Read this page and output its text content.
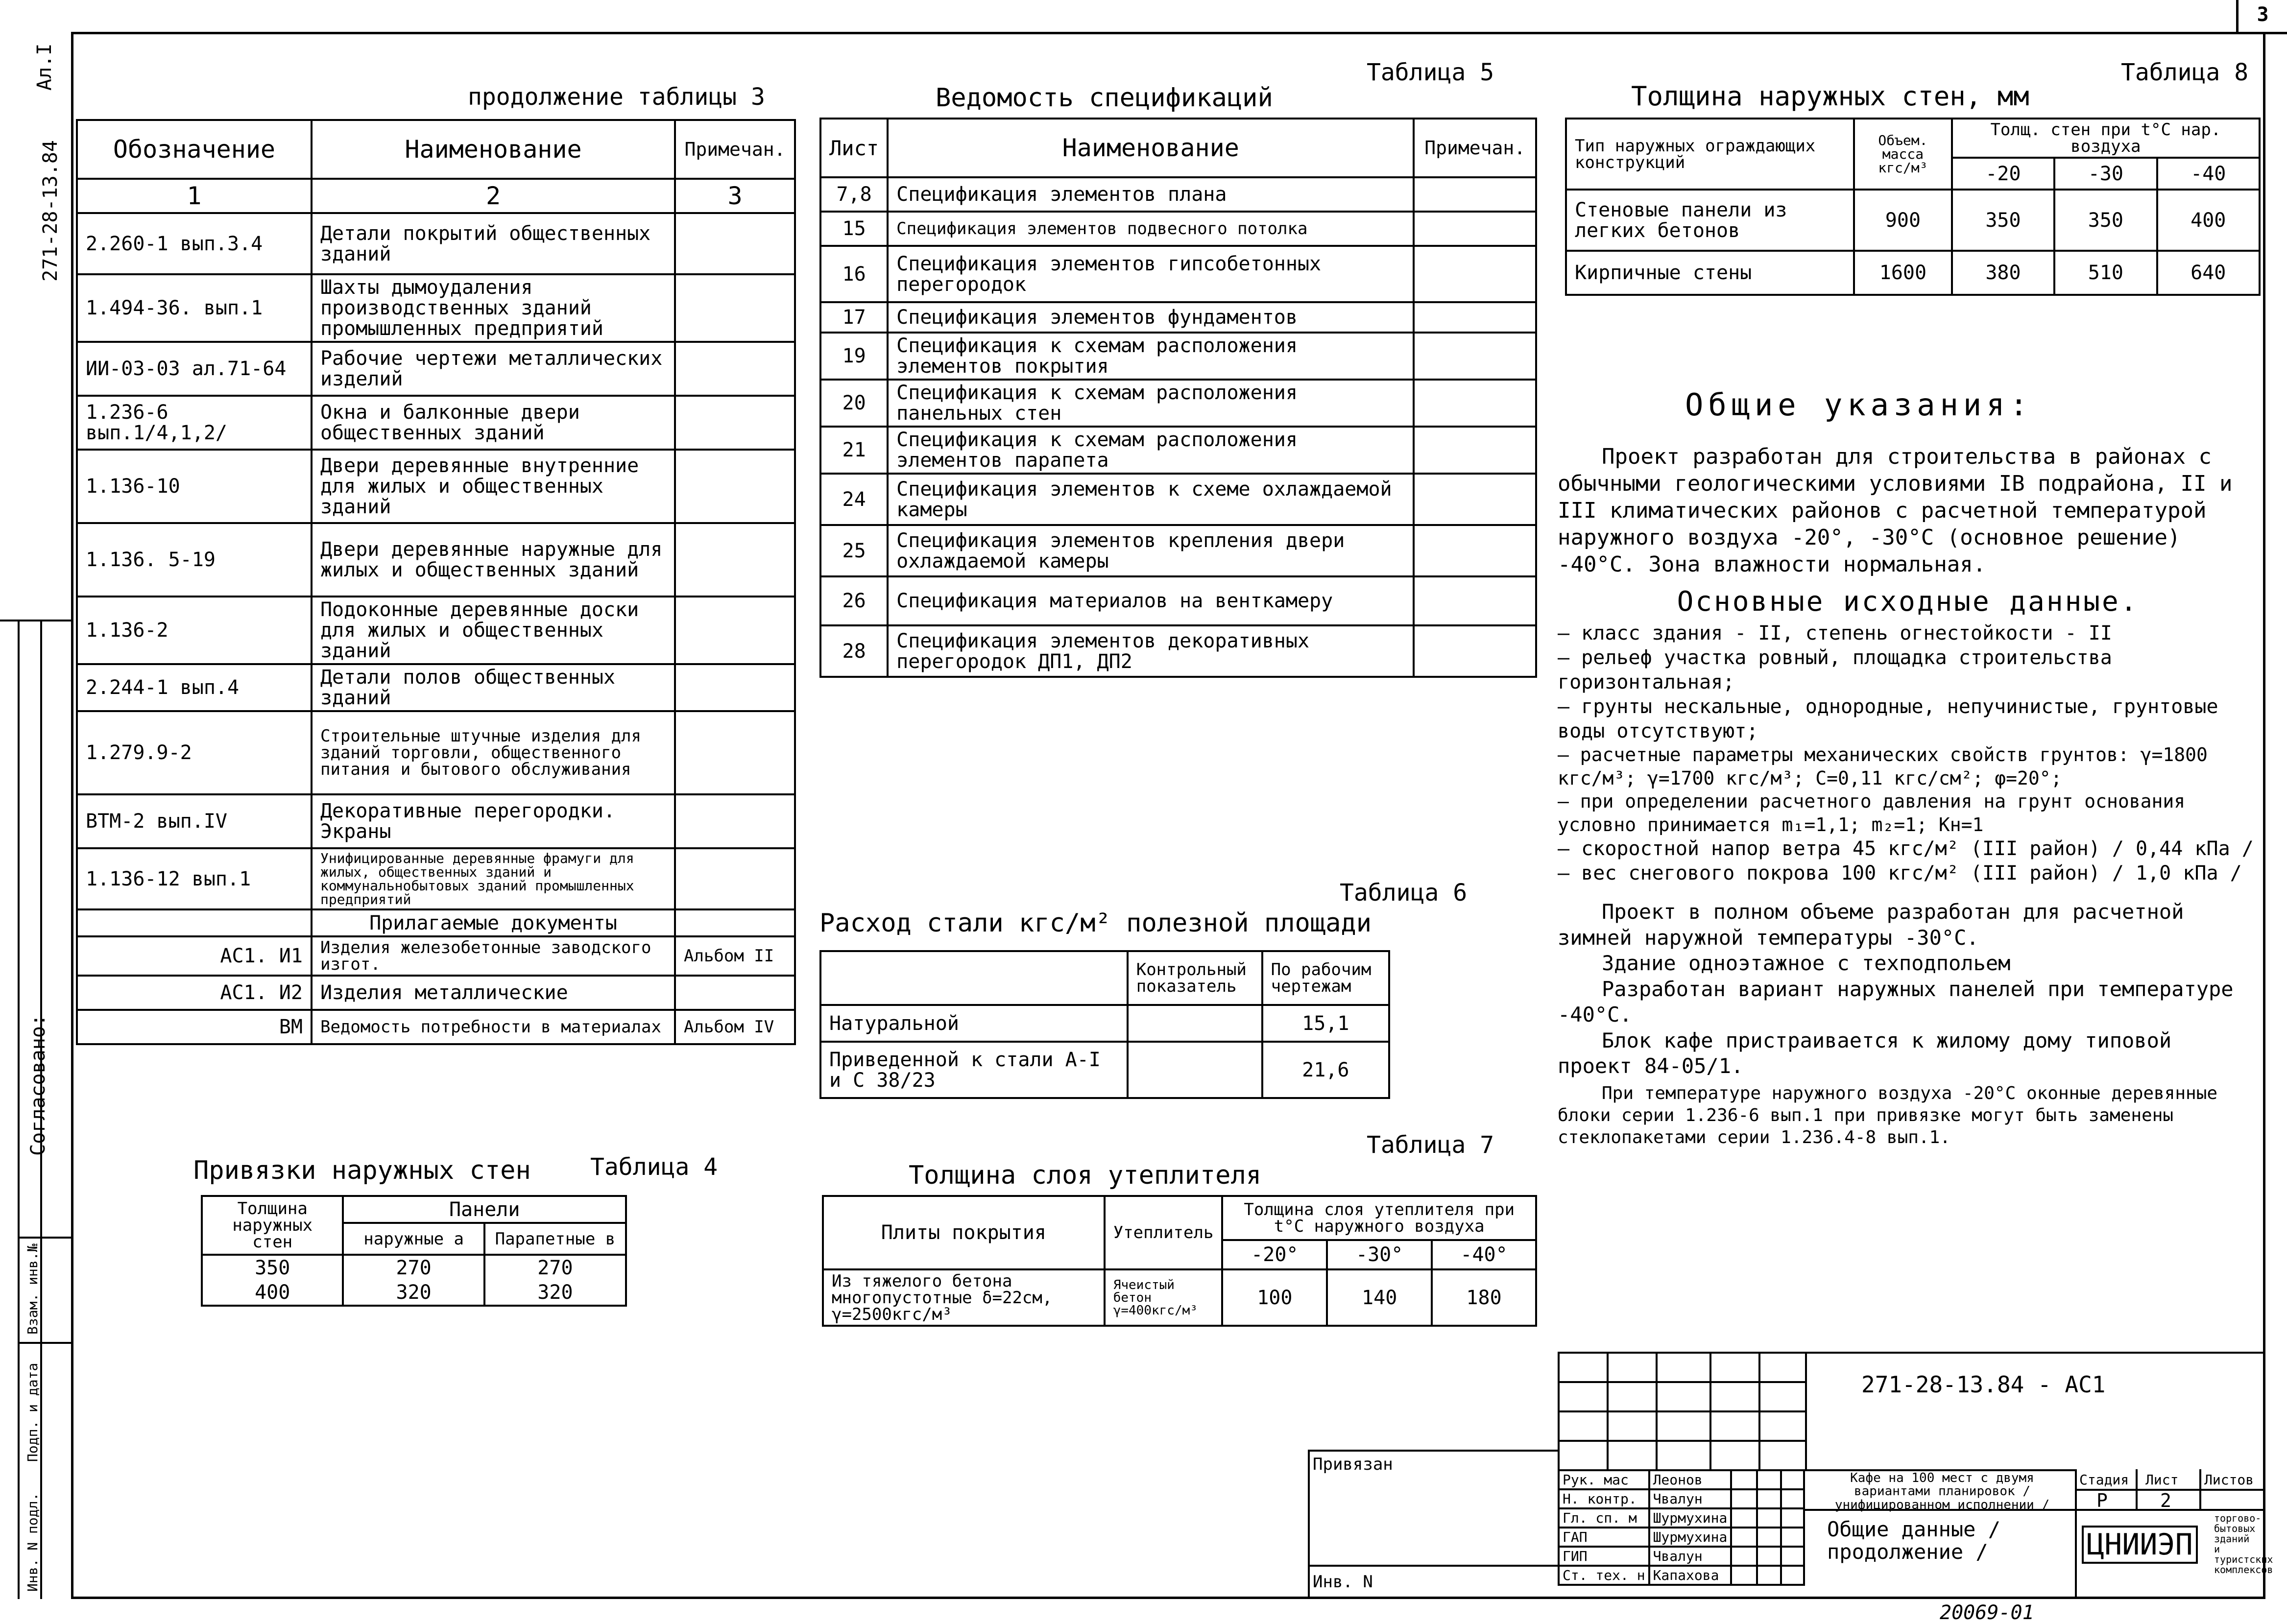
3
Ал.I
271-28-13.84
Согласовано:
Взам. инв.№
Подп. и дата
Инв. N подл.
продолжение таблицы 3
Обозначение	Наименование	Примечан.
1	2	3
2.260-1 вып.3.4	Детали покрытий общественных зданий	
1.494-36. вып.1	Шахты дымоудаления производственных зданий промышленных предприятий	
ИИ-03-03 ал.71-64	Рабочие чертежи металлических изделий	
1.236-6 вып.1/4,1,2/	Окна и балконные двери общественных зданий	
1.136-10	Двери деревянные внутренние для жилых и общественных зданий	
1.136. 5-19	Двери деревянные наружные для жилых и общественных зданий	
1.136-2	Подоконные деревянные доски для жилых и общественных зданий	
2.244-1 вып.4	Детали полов общественных зданий	
1.279.9-2	Строительные штучные изделия для зданий торговли, общественного питания и бытового обслуживания	
ВТМ-2 вып.IV	Декоративные перегородки. Экраны	
1.136-12 вып.1	Унифицированные деревянные фрамуги для жилых, общественных зданий и коммунальнобытовых зданий промышленных предприятий	
	Прилагаемые документы	
АС1. И1	Изделия железобетонные заводского изгот.	Альбом II
АС1. И2	Изделия металлические	
ВМ	Ведомость потребности в материалах	Альбом IV
Таблица 5
Ведомость спецификаций
Лист	Наименование	Примечан.
7,8	Спецификация элементов плана	
15	Спецификация элементов подвесного потолка	
16	Спецификация элементов гипсобетонных перегородок	
17	Спецификация элементов фундаментов	
19	Спецификация к схемам расположения элементов покрытия	
20	Спецификация к схемам расположения панельных стен	
21	Спецификация к схемам расположения элементов парапета	
24	Спецификация элементов к схеме охлаждаемой камеры	
25	Спецификация элементов крепления двери охлаждаемой камеры	
26	Спецификация материалов на венткамеру	
28	Спецификация элементов декоративных перегородок ДП1, ДП2	
Таблица 6
Расход стали кгс/м² полезной площади
	Контрольный показатель	По рабочим чертежам
Натуральной		15,1
Приведенной к стали А-I и С 38/23		21,6
Привязки наружных стен	Таблица 4
Толщина наружных стен	Панели	
	наружные а	Парапетные в
350	270	270
400	320	320
Таблица 7
Толщина слоя утеплителя
Плиты покрытия	Утеплитель	Толщина слоя утеплителя при t°С наружного воздуха		
		-20°	-30°	-40°
Из тяжелого бетона многопустотные δ=22см, γ=2500кгс/м³	Ячеистый бетон γ=400кгс/м³	100	140	180
Таблица 8
Толщина наружных стен, мм
Тип наружных ограждающих конструкций	Объем. масса кгс/м³	Толщ. стен при t°С нар. воздуха		
		-20	-30	-40
Стеновые панели из легких бетонов	900	350	350	400
Кирпичные стены	1600	380	510	640
Общие указания:

Проект разработан для строительства в районах с обычными геологическими условиями IВ подрайона, II и III климатических районов с расчетной температурой наружного воздуха -20°, -30°С (основное решение) -40°С. Зона влажности нормальная.

Основные исходные данные.

– класс здания - II, степень огнестойкости - II

– рельеф участка ровный, площадка строительства горизонтальная;

– грунты нескальные, однородные, непучинистые, грунтовые воды отсутствуют;

– расчетные параметры механических свойств грунтов: γ=1800 кгс/м³; γ=1700 кгс/м³; С=0,11 кгс/см²; φ=20°;

– при определении расчетного давления на грунт основания условно принимается m₁=1,1; m₂=1; Кн=1

– скоростной напор ветра 45 кгс/м² (III район) / 0,44 кПа /

– вес снегового покрова 100 кгс/м² (III район) / 1,0 кПа /

Проект в полном объеме разработан для расчетной зимней наружной температуры -30°С.

Здание одноэтажное с техподпольем

Разработан вариант наружных панелей при температуре -40°С.

Блок кафе пристраивается к жилому дому типовой проект 84-05/1.

При температуре наружного воздуха -20°С оконные деревянные блоки серии 1.236-6 вып.1 при привязке могут быть заменены стеклопакетами серии 1.236.4-8 вып.1.

271-28-13.84 - АС1
Привязан
Инв. N
Рук. мас	Леонов			
Н. контр.	Чвалун			
Гл. сп. м	Шурмухина			
ГАП	Шурмухина			
ГИП	Чвалун			
Ст. тех. н	Капахова			
Кафе на 100 мест с двумя вариантами планировок / унифицированном исполнении /
Общие данные / продолжение /
Стадия Лист Листов
Р	2
ЦНИИЭП
торгово-бытовых зданий и туристских комплексов
20069-01
